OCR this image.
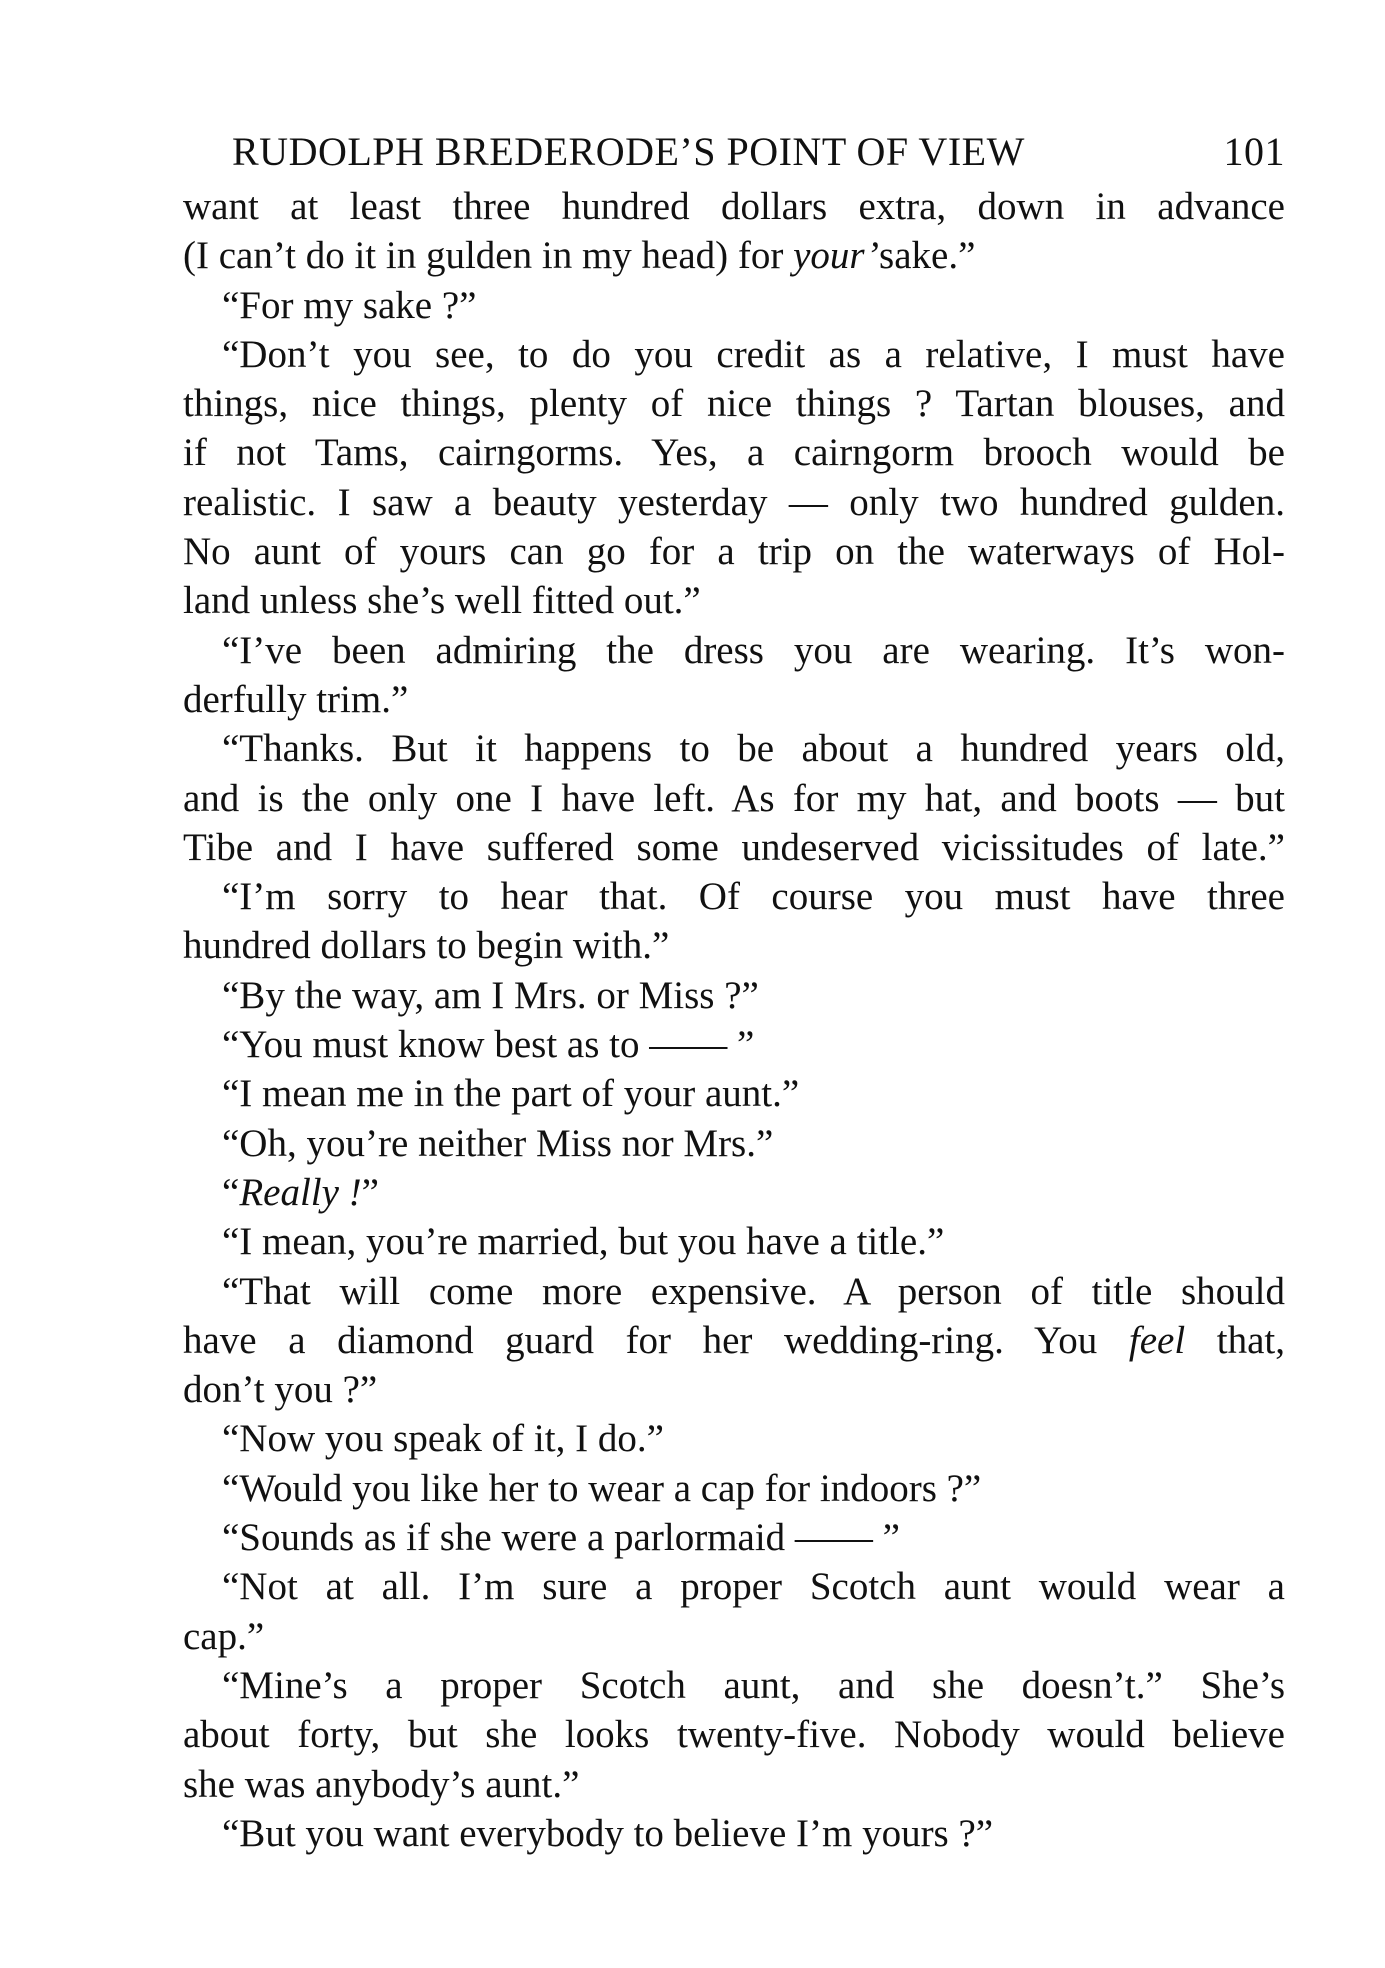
RUDOLPH BREDERODE’S POINT OF VIEW	101
want at least three hundred dollars extra, down in advance
(I can’t do it in gulden in my head) for your’sake.”
“For my sake ?”
“Don’t you see, to do you credit as a relative, I must have
things, nice things, plenty of nice things ? Tartan blouses, and
if not Tams, cairngorms. Yes, a cairngorm brooch would be
realistic. I saw a beauty yesterday — only two hundred gulden.
No aunt of yours can go for a trip on the waterways of Hol-
land unless she’s well fitted out.”
“I’ve been admiring the dress you are wearing. It’s won-
derfully trim.”
“Thanks. But it happens to be about a hundred years old,
and is the only one I have left. As for my hat, and boots — but
Tibe and I have suffered some undeserved vicissitudes of late.”
“I’m sorry to hear that. Of course you must have three
hundred dollars to begin with.”
“By the way, am I Mrs. or Miss ?”
“You must know best as to —— ”
“I mean me in the part of your aunt.”
“Oh, you’re neither Miss nor Mrs.”
“Really !”
“I mean, you’re married, but you have a title.”
“That will come more expensive. A person of title should
have a diamond guard for her wedding-ring. You feel that,
don’t you ?”
“Now you speak of it, I do.”
“Would you like her to wear a cap for indoors ?”
“Sounds as if she were a parlormaid —— ”
“Not at all. I’m sure a proper Scotch aunt would wear a
cap.”
“Mine’s a proper Scotch aunt, and she doesn’t.” She’s
about forty, but she looks twenty-five. Nobody would believe
she was anybody’s aunt.”
“But you want everybody to believe I’m yours ?”
